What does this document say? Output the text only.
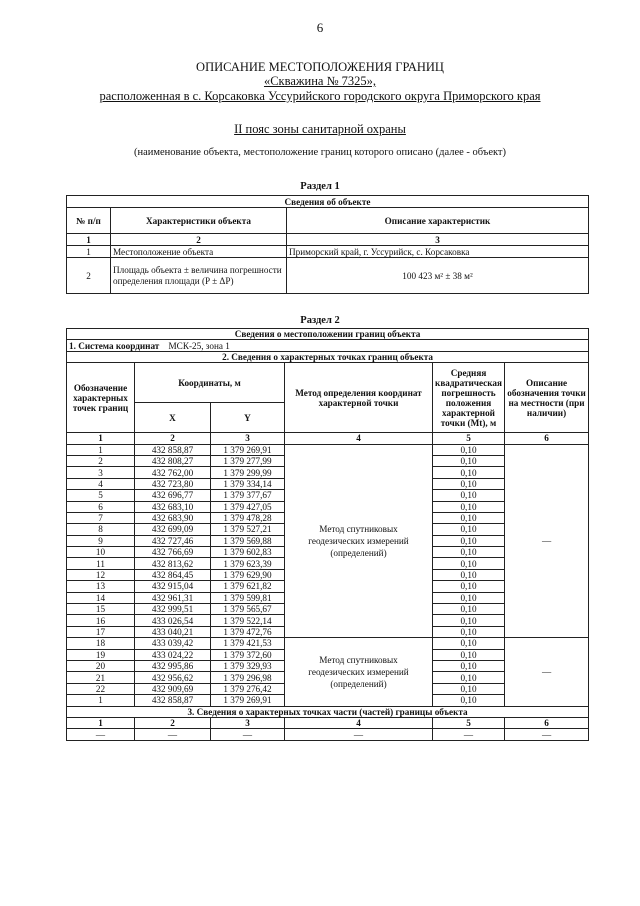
6
ОПИСАНИЕ МЕСТОПОЛОЖЕНИЯ ГРАНИЦ
«Скважина № 7325»,
расположенная в с. Корсаковка Уссурийского городского округа Приморского края
II пояс зоны санитарной охраны
(наименование объекта, местоположение границ которого описано (далее - объект)
Раздел 1
Сведения об объекте		
№ п/п	Характеристики объекта	Описание характеристик
1	2	3
1	Местоположение объекта	Приморский край, г. Уссурийск, с. Корсаковка
2	Площадь объекта ± величина погрешности определения площади (P ± ΔP)	100 423 м² ± 38 м²
Раздел 2
Сведения о местоположении границ объекта					
1. Система координат МСК-25, зона 1					
2. Сведения о характерных точках границ объекта					
Обозначение характерных точек границ	Координаты, м		Метод определения координат характерной точки	Средняя квадратическая погрешность положения характерной точки (Mt), м	Описание обозначения точки на местности (при наличии)
	X	Y			
1	2	3	4	5	6
1	432 858,87	1 379 269,91	Метод спутниковых геодезических измерений (определений)	0,10	—
2	432 808,27	1 379 277,99		0,10	
3	432 762,00	1 379 299,99		0,10	
4	432 723,80	1 379 334,14		0,10	
5	432 696,77	1 379 377,67		0,10	
6	432 683,10	1 379 427,05		0,10	
7	432 683,90	1 379 478,28		0,10	
8	432 699,09	1 379 527,21		0,10	
9	432 727,46	1 379 569,88		0,10	
10	432 766,69	1 379 602,83		0,10	
11	432 813,62	1 379 623,39		0,10	
12	432 864,45	1 379 629,90		0,10	
13	432 915,04	1 379 621,82		0,10	
14	432 961,31	1 379 599,81		0,10	
15	432 999,51	1 379 565,67		0,10	
16	433 026,54	1 379 522,14		0,10	
17	433 040,21	1 379 472,76		0,10	
18	433 039,42	1 379 421,53	Метод спутниковых геодезических измерений (определений)	0,10	—
19	433 024,22	1 379 372,60		0,10	
20	432 995,86	1 379 329,93		0,10	
21	432 956,62	1 379 296,98		0,10	
22	432 909,69	1 379 276,42		0,10	
1	432 858,87	1 379 269,91		0,10	
3. Сведения о характерных точках части (частей) границы объекта					
1	2	3	4	5	6
—	—	—	—	—	—
